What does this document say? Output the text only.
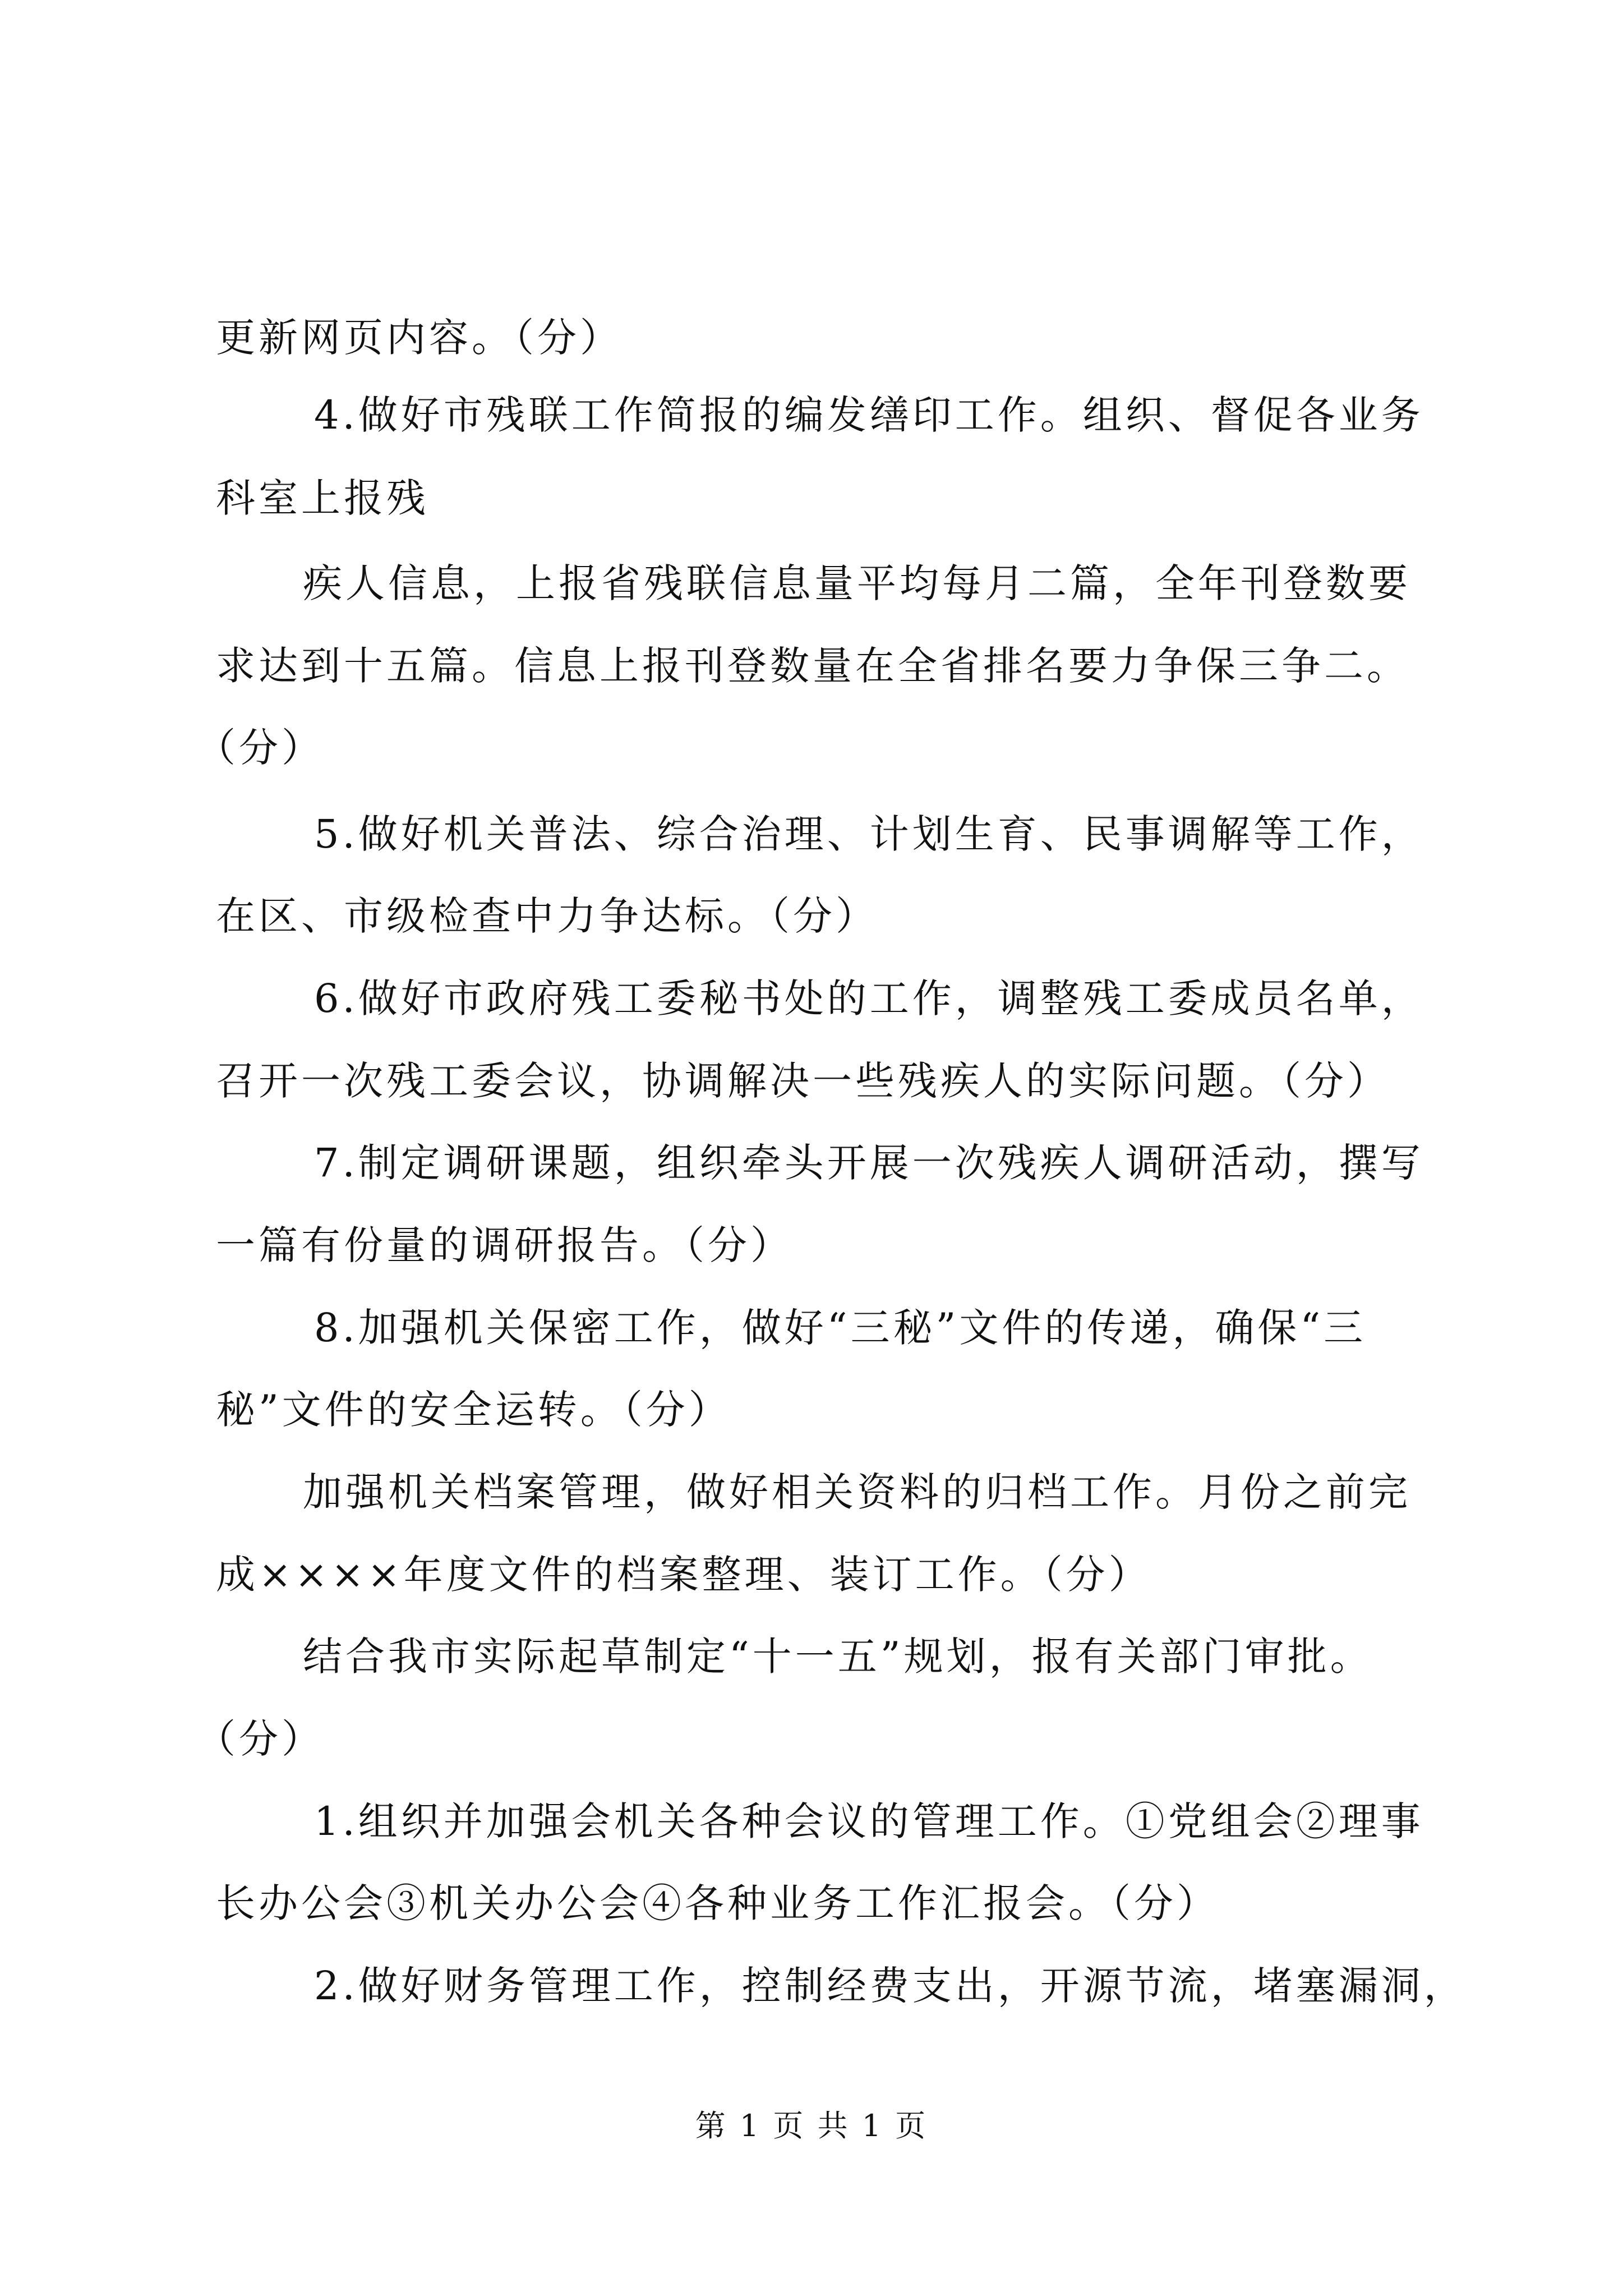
更新网页内容。（分）
4.做好市残联工作简报的编发缮印工作。组织、督促各业务
科室上报残
疾人信息，上报省残联信息量平均每月二篇，全年刊登数要
求达到十五篇。信息上报刊登数量在全省排名要力争保三争二。
（分）
5.做好机关普法、综合治理、计划生育、民事调解等工作，
在区、市级检查中力争达标。（分）
6.做好市政府残工委秘书处的工作，调整残工委成员名单，
召开一次残工委会议，协调解决一些残疾人的实际问题。（分）
7.制定调研课题，组织牵头开展一次残疾人调研活动，撰写
一篇有份量的调研报告。（分）
8.加强机关保密工作，做好“三秘”文件的传递，确保“三
秘”文件的安全运转。（分）
加强机关档案管理，做好相关资料的归档工作。月份之前完
成××××年度文件的档案整理、装订工作。（分）
结合我市实际起草制定“十一五”规划，报有关部门审批。
（分）
1.组织并加强会机关各种会议的管理工作。①党组会②理事
长办公会③机关办公会④各种业务工作汇报会。（分）
2.做好财务管理工作，控制经费支出，开源节流，堵塞漏洞，
第 1 页 共 1 页
